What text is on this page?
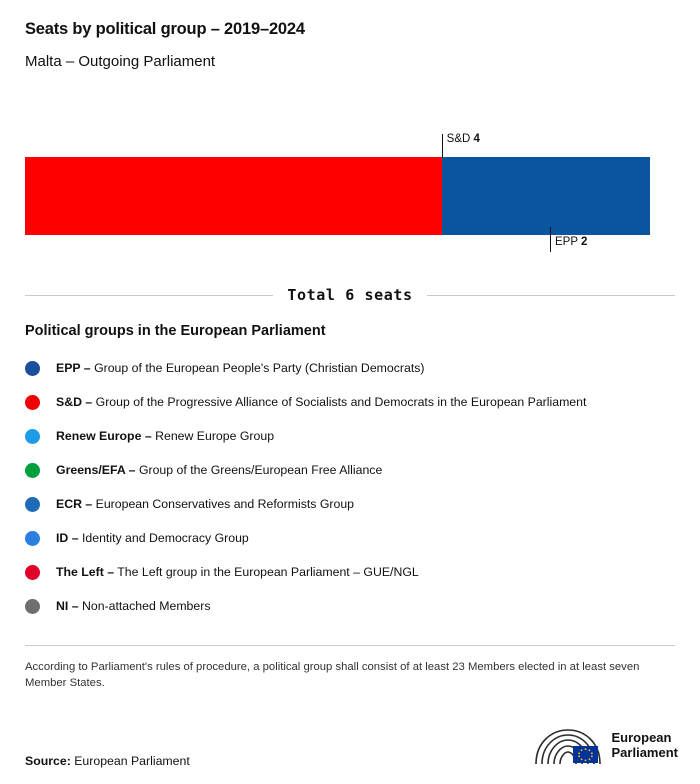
Seats by political group – 2019–2024
Malta – Outgoing Parliament
S&D 4
EPP 2
Total 6 seats
Political groups in the European Parliament
EPP – Group of the European People's Party (Christian Democrats)
S&D – Group of the Progressive Alliance of Socialists and Democrats in the European Parliament
Renew Europe – Renew Europe Group
Greens/EFA – Group of the Greens/European Free Alliance
ECR – European Conservatives and Reformists Group
ID – Identity and Democracy Group
The Left – The Left group in the European Parliament – GUE/NGL
NI – Non-attached Members
According to Parliament's rules of procedure, a political group shall consist of at least 23 Members elected in at least seven Member States.
Source: European Parliament
European
Parliament
